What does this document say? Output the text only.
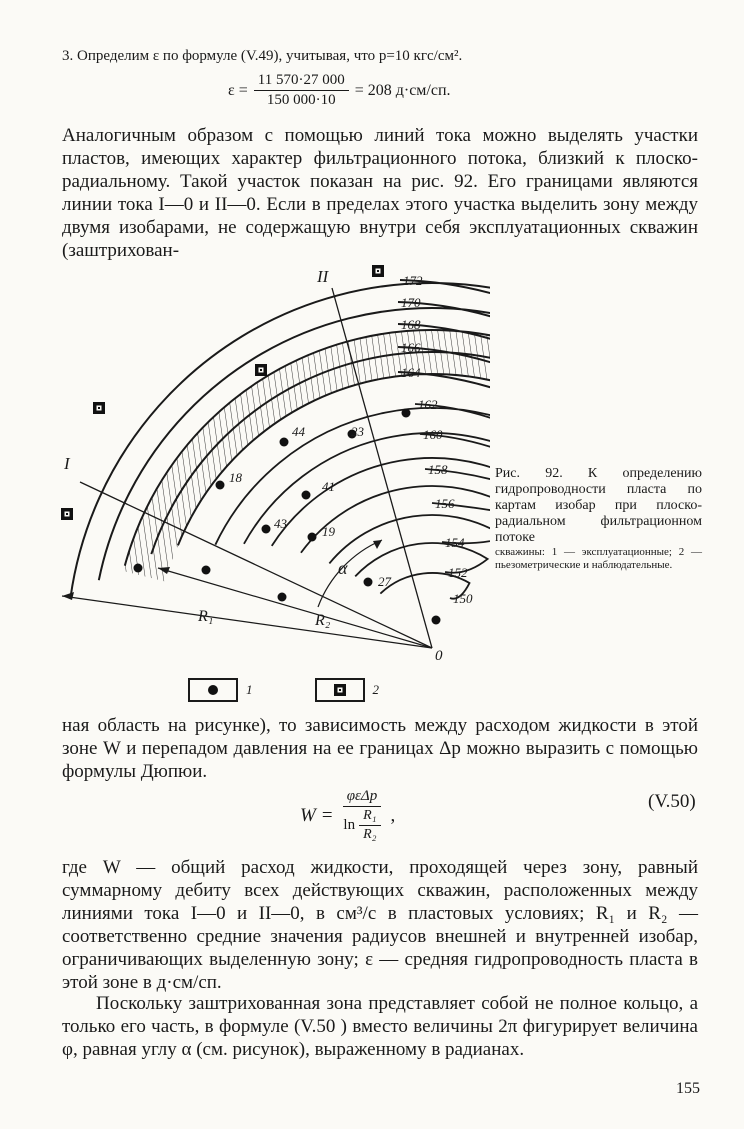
3. Определим ε по формуле (V.49), учитывая, что p=10 кгс/см².
$\varepsilon = \frac{11 570\cdot 27 000}{150 000\cdot 10} = 208$ д·см/сп.

Аналогичным образом с помощью линий тока можно выделять участки пластов, имеющих характер фильтрационного потока, близкий к плоско-радиальному. Такой участок показан на рис. 92. Его границами являются линии тока I—0 и II—0. Если в пределах этого участка выделить зону между двумя изобарами, не содержащую внутри себя эксплуатационных скважин (заштрихован-

172
170
168
166
164
162
160
158
156
154
152
150
44	23
18
41
43
19
27
I
II
0
R₁	R₂
α
Рис. 92. К определению гидропроводности пласта по картам изобар при плоско-радиальном фильтрационном потоке
скважины: 1 — эксплуатационные; 2 — пьезометрические и наблюдательные.
1	2

ная область на рисунке), то зависимость между расходом жидкости в этой зоне W и перепадом давления на ее границах Δp можно выразить с помощью формулы Дюпюи.

$W = \frac{\text{φεΔp}}{\ln \frac{\text{R₁}}{\text{R₂}}}$ ,
(V.50)

где W — общий расход жидкости, проходящей через зону, равный суммарному дебиту всех действующих скважин, расположенных между линиями тока I—0 и II—0, в см³/с в пластовых условиях; R₁ и R₂ — соответственно средние значения радиусов внешней и внутренней изобар, ограничивающих выделенную зону; ε — средняя гидропроводность пласта в этой зоне в д·см/сп.

Поскольку заштрихованная зона представляет собой не полное кольцо, а только его часть, в формуле (V.50 ) вместо величины 2π фигурирует величина φ, равная углу α (см. рисунок), выраженному в радианах.

155
